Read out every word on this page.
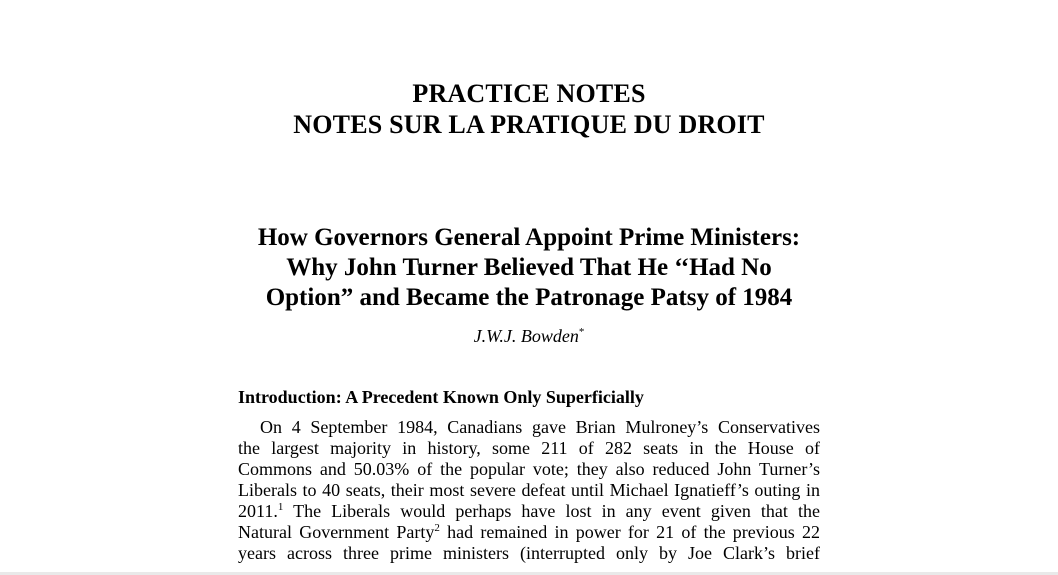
PRACTICE NOTES
NOTES SUR LA PRATIQUE DU DROIT
How Governors General Appoint Prime Ministers:
Why John Turner Believed That He ‘‘Had No
Option” and Became the Patronage Patsy of 1984
J.W.J. Bowden*
Introduction: A Precedent Known Only Superficially
On 4 September 1984, Canadians gave Brian Mulroney’s Conservatives
the largest majority in history, some 211 of 282 seats in the House of
Commons and 50.03% of the popular vote; they also reduced John Turner’s
Liberals to 40 seats, their most severe defeat until Michael Ignatieff’s outing in
2011.$^1$ The Liberals would perhaps have lost in any event given that the
Natural Government Party$^2$ had remained in power for 21 of the previous 22
years across three prime ministers (interrupted only by Joe Clark’s brief
